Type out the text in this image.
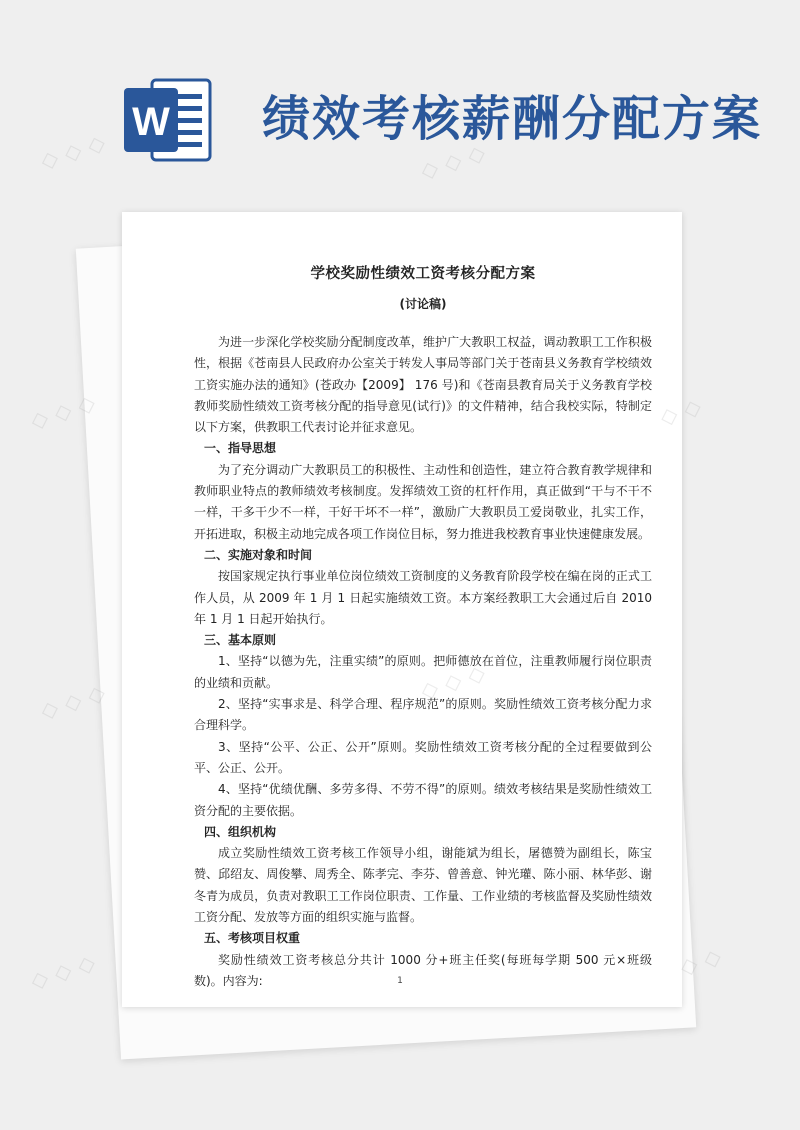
W 绩效考核薪酬分配方案
学校奖励性绩效工资考核分配方案
(讨论稿)

为进一步深化学校奖励分配制度改革，维护广大教职工权益，调动教职工工作积极性，根据《苍南县人民政府办公室关于转发人事局等部门关于苍南县义务教育学校绩效工资实施办法的通知》(苍政办【2009】 176 号)和《苍南县教育局关于义务教育学校教师奖励性绩效工资考核分配的指导意见(试行)》的文件精神，结合我校实际，特制定以下方案，供教职工代表讨论并征求意见。

一、指导思想

为了充分调动广大教职员工的积极性、主动性和创造性，建立符合教育教学规律和教师职业特点的教师绩效考核制度。发挥绩效工资的杠杆作用，真正做到“干与不干不一样，干多干少不一样，干好干坏不一样”，激励广大教职员工爱岗敬业，扎实工作，开拓进取，积极主动地完成各项工作岗位目标，努力推进我校教育事业快速健康发展。

二、实施对象和时间

按国家规定执行事业单位岗位绩效工资制度的义务教育阶段学校在编在岗的正式工作人员，从 2009 年 1 月 1 日起实施绩效工资。本方案经教职工大会通过后自 2010 年 1 月 1 日起开始执行。

三、基本原则

1、坚持“以德为先，注重实绩”的原则。把师德放在首位，注重教师履行岗位职责的业绩和贡献。

2、坚持“实事求是、科学合理、程序规范”的原则。奖励性绩效工资考核分配力求合理科学。

3、坚持“公平、公正、公开”原则。奖励性绩效工资考核分配的全过程要做到公平、公正、公开。

4、坚持“优绩优酬、多劳多得、不劳不得”的原则。绩效考核结果是奖励性绩效工资分配的主要依据。

四、组织机构

成立奖励性绩效工资考核工作领导小组，谢能斌为组长，屠德赞为副组长，陈宝赞、邱绍友、周俊攀、周秀全、陈孝完、李芬、曾善意、钟光瓘、陈小丽、林华彭、谢冬青为成员，负责对教职工工作岗位职责、工作量、工作业绩的考核监督及奖励性绩效工资分配、发放等方面的组织实施与监督。

五、考核项目权重

奖励性绩效工资考核总分共计 1000 分+班主任奖(每班每学期 500 元×班级数)。内容为:	1
◇ ◇ ◇	◇ ◇ ◇
◇ ◇ ◇	◇ ◇
◇ ◇ ◇	◇ ◇ ◇
◇ ◇ ◇	◇ ◇
